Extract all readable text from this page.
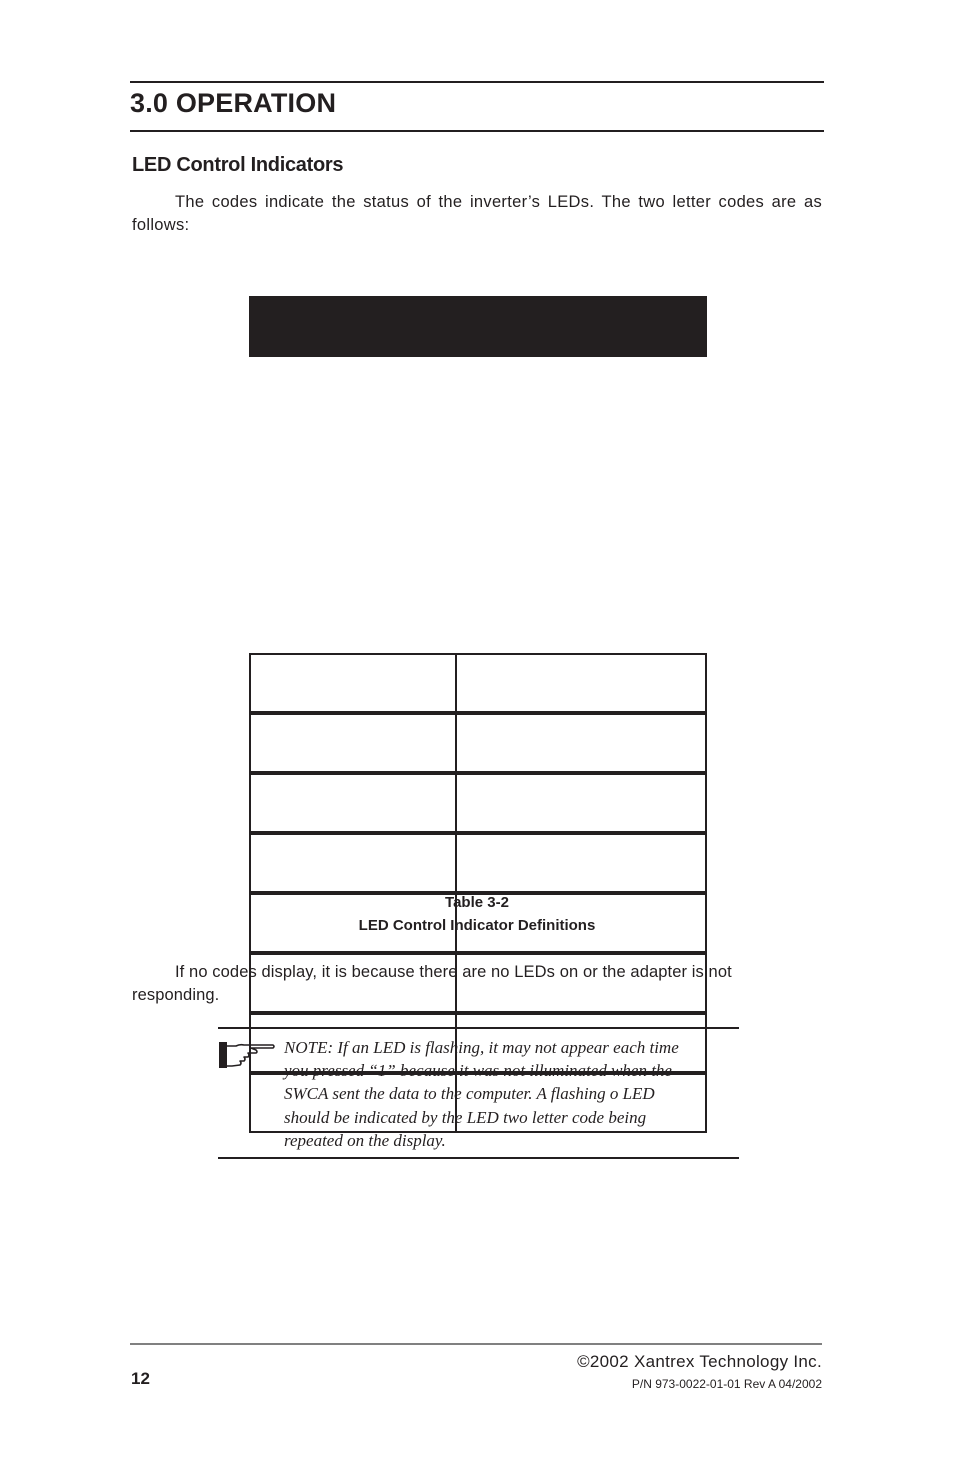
3.0 OPERATION
LED Control Indicators
The codes indicate the status of the inverter’s LEDs. The two letter codes are as follows:
Table 3-2
LED Control Indicator Definitions
If no codes display, it is because there are no LEDs on or the adapter is not responding.
NOTE: If an LED is flashing, it may not appear each time
you pressed “1” because it was not illuminated when the
SWCA sent the data to the computer. A flashing o LED
should be indicated by the LED two letter code being
repeated on the display.
12
©2002 Xantrex Technology Inc.
P/N 973-0022-01-01 Rev A 04/2002
